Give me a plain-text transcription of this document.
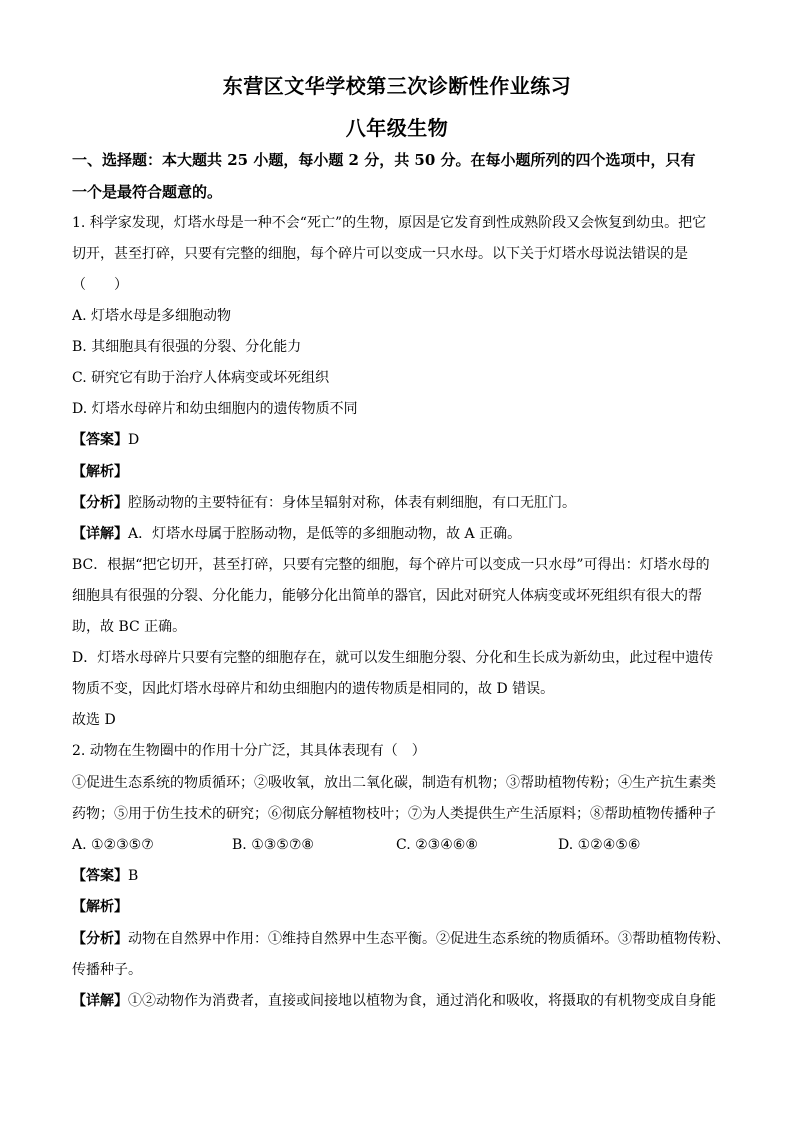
东营区文华学校第三次诊断性作业练习
八年级生物
一、选择题：本大题共 25 小题，每小题 2 分，共 50 分。在每小题所列的四个选项中，只有
一个是最符合题意的。
1. 科学家发现，灯塔水母是一种不会“死亡”的生物，原因是它发育到性成熟阶段又会恢复到幼虫。把它
切开，甚至打碎，只要有完整的细胞，每个碎片可以变成一只水母。以下关于灯塔水母说法错误的是
（　　）
A. 灯塔水母是多细胞动物
B. 其细胞具有很强的分裂、分化能力
C. 研究它有助于治疗人体病变或坏死组织
D. 灯塔水母碎片和幼虫细胞内的遗传物质不同
【答案】D
【解析】
【分析】腔肠动物的主要特征有：身体呈辐射对称，体表有刺细胞，有口无肛门。
【详解】A．灯塔水母属于腔肠动物，是低等的多细胞动物，故 A 正确。
BC．根据“把它切开，甚至打碎，只要有完整的细胞，每个碎片可以变成一只水母”可得出：灯塔水母的
细胞具有很强的分裂、分化能力，能够分化出简单的器官，因此对研究人体病变或坏死组织有很大的帮
助，故 BC 正确。
D．灯塔水母碎片只要有完整的细胞存在，就可以发生细胞分裂、分化和生长成为新幼虫，此过程中遗传
物质不变，因此灯塔水母碎片和幼虫细胞内的遗传物质是相同的，故 D 错误。
故选 D
2. 动物在生物圈中的作用十分广泛，其具体表现有（　）
①促进生态系统的物质循环；②吸收氧，放出二氧化碳，制造有机物；③帮助植物传粉；④生产抗生素类
药物；⑤用于仿生技术的研究；⑥彻底分解植物枝叶；⑦为人类提供生产生活原料；⑧帮助植物传播种子
A. ①②③⑤⑦	B. ①③⑤⑦⑧	C. ②③④⑥⑧	D. ①②④⑤⑥
【答案】B
【解析】
【分析】动物在自然界中作用：①维持自然界中生态平衡。②促进生态系统的物质循环。③帮助植物传粉、
传播种子。
【详解】①②动物作为消费者，直接或间接地以植物为食，通过消化和吸收，将摄取的有机物变成自身能
